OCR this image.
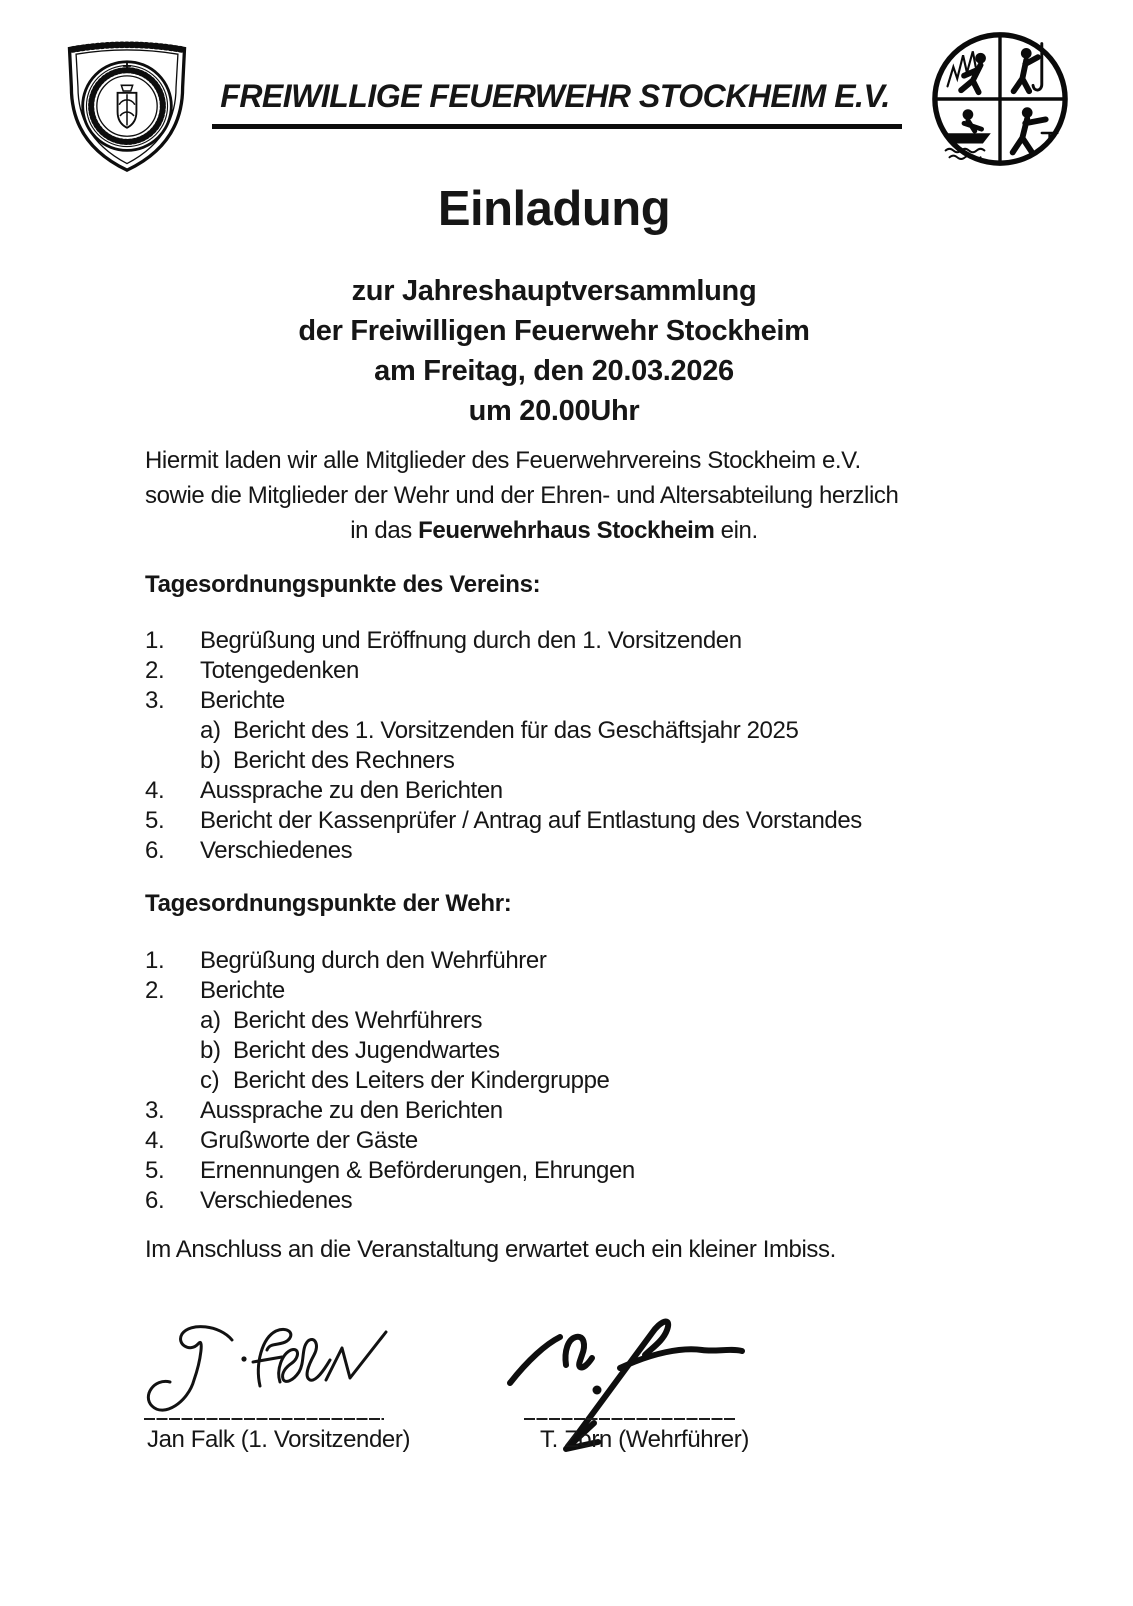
FREIWILLIGE FEUERWEHR STOCKHEIM E.V.
Einladung
zur Jahreshauptversammlung
der Freiwilligen Feuerwehr Stockheim
am Freitag, den 20.03.2026
um 20.00Uhr
Hiermit laden wir alle Mitglieder des Feuerwehrvereins Stockheim e.V.
sowie die Mitglieder der Wehr und der Ehren- und Altersabteilung herzlich
in das Feuerwehrhaus Stockheim ein.
Tagesordnungspunkte des Vereins:
1.	Begrüßung und Eröffnung durch den 1. Vorsitzenden
2.	Totengedenken
3.	Berichte
a) Bericht des 1. Vorsitzenden für das Geschäftsjahr 2025
b) Bericht des Rechners
4.	Aussprache zu den Berichten
5.	Bericht der Kassenprüfer / Antrag auf Entlastung des Vorstandes
6.	Verschiedenes
Tagesordnungspunkte der Wehr:
1.	Begrüßung durch den Wehrführer
2.	Berichte
a) Bericht des Wehrführers
b) Bericht des Jugendwartes
c) Bericht des Leiters der Kindergruppe
3.	Aussprache zu den Berichten
4.	Grußworte der Gäste
5.	Ernennungen & Beförderungen, Ehrungen
6.	Verschiedenes
Im Anschluss an die Veranstaltung erwartet euch ein kleiner Imbiss.
Jan Falk (1. Vorsitzender)	T. Zorn (Wehrführer)
